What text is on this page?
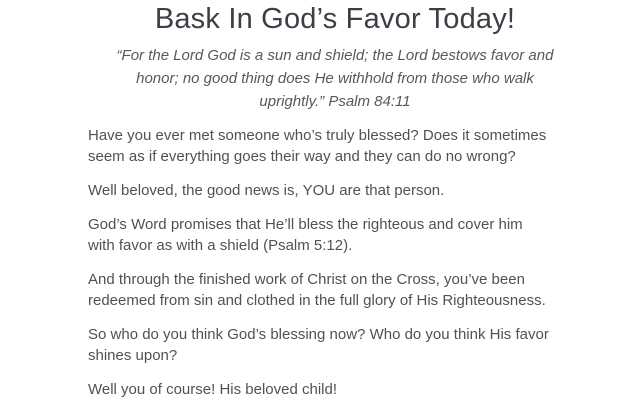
Bask In God’s Favor Today!
“For the Lord God is a sun and shield; the Lord bestows favor and
honor; no good thing does He withhold from those who walk
uprightly.” Psalm 84:11

Have you ever met someone who’s truly blessed? Does it sometimes
seem as if everything goes their way and they can do no wrong?

Well beloved, the good news is, YOU are that person.

God’s Word promises that He’ll bless the righteous and cover him
with favor as with a shield (Psalm 5:12).

And through the finished work of Christ on the Cross, you’ve been
redeemed from sin and clothed in the full glory of His Righteousness.

So who do you think God’s blessing now? Who do you think His favor
shines upon?

Well you of course! His beloved child!
